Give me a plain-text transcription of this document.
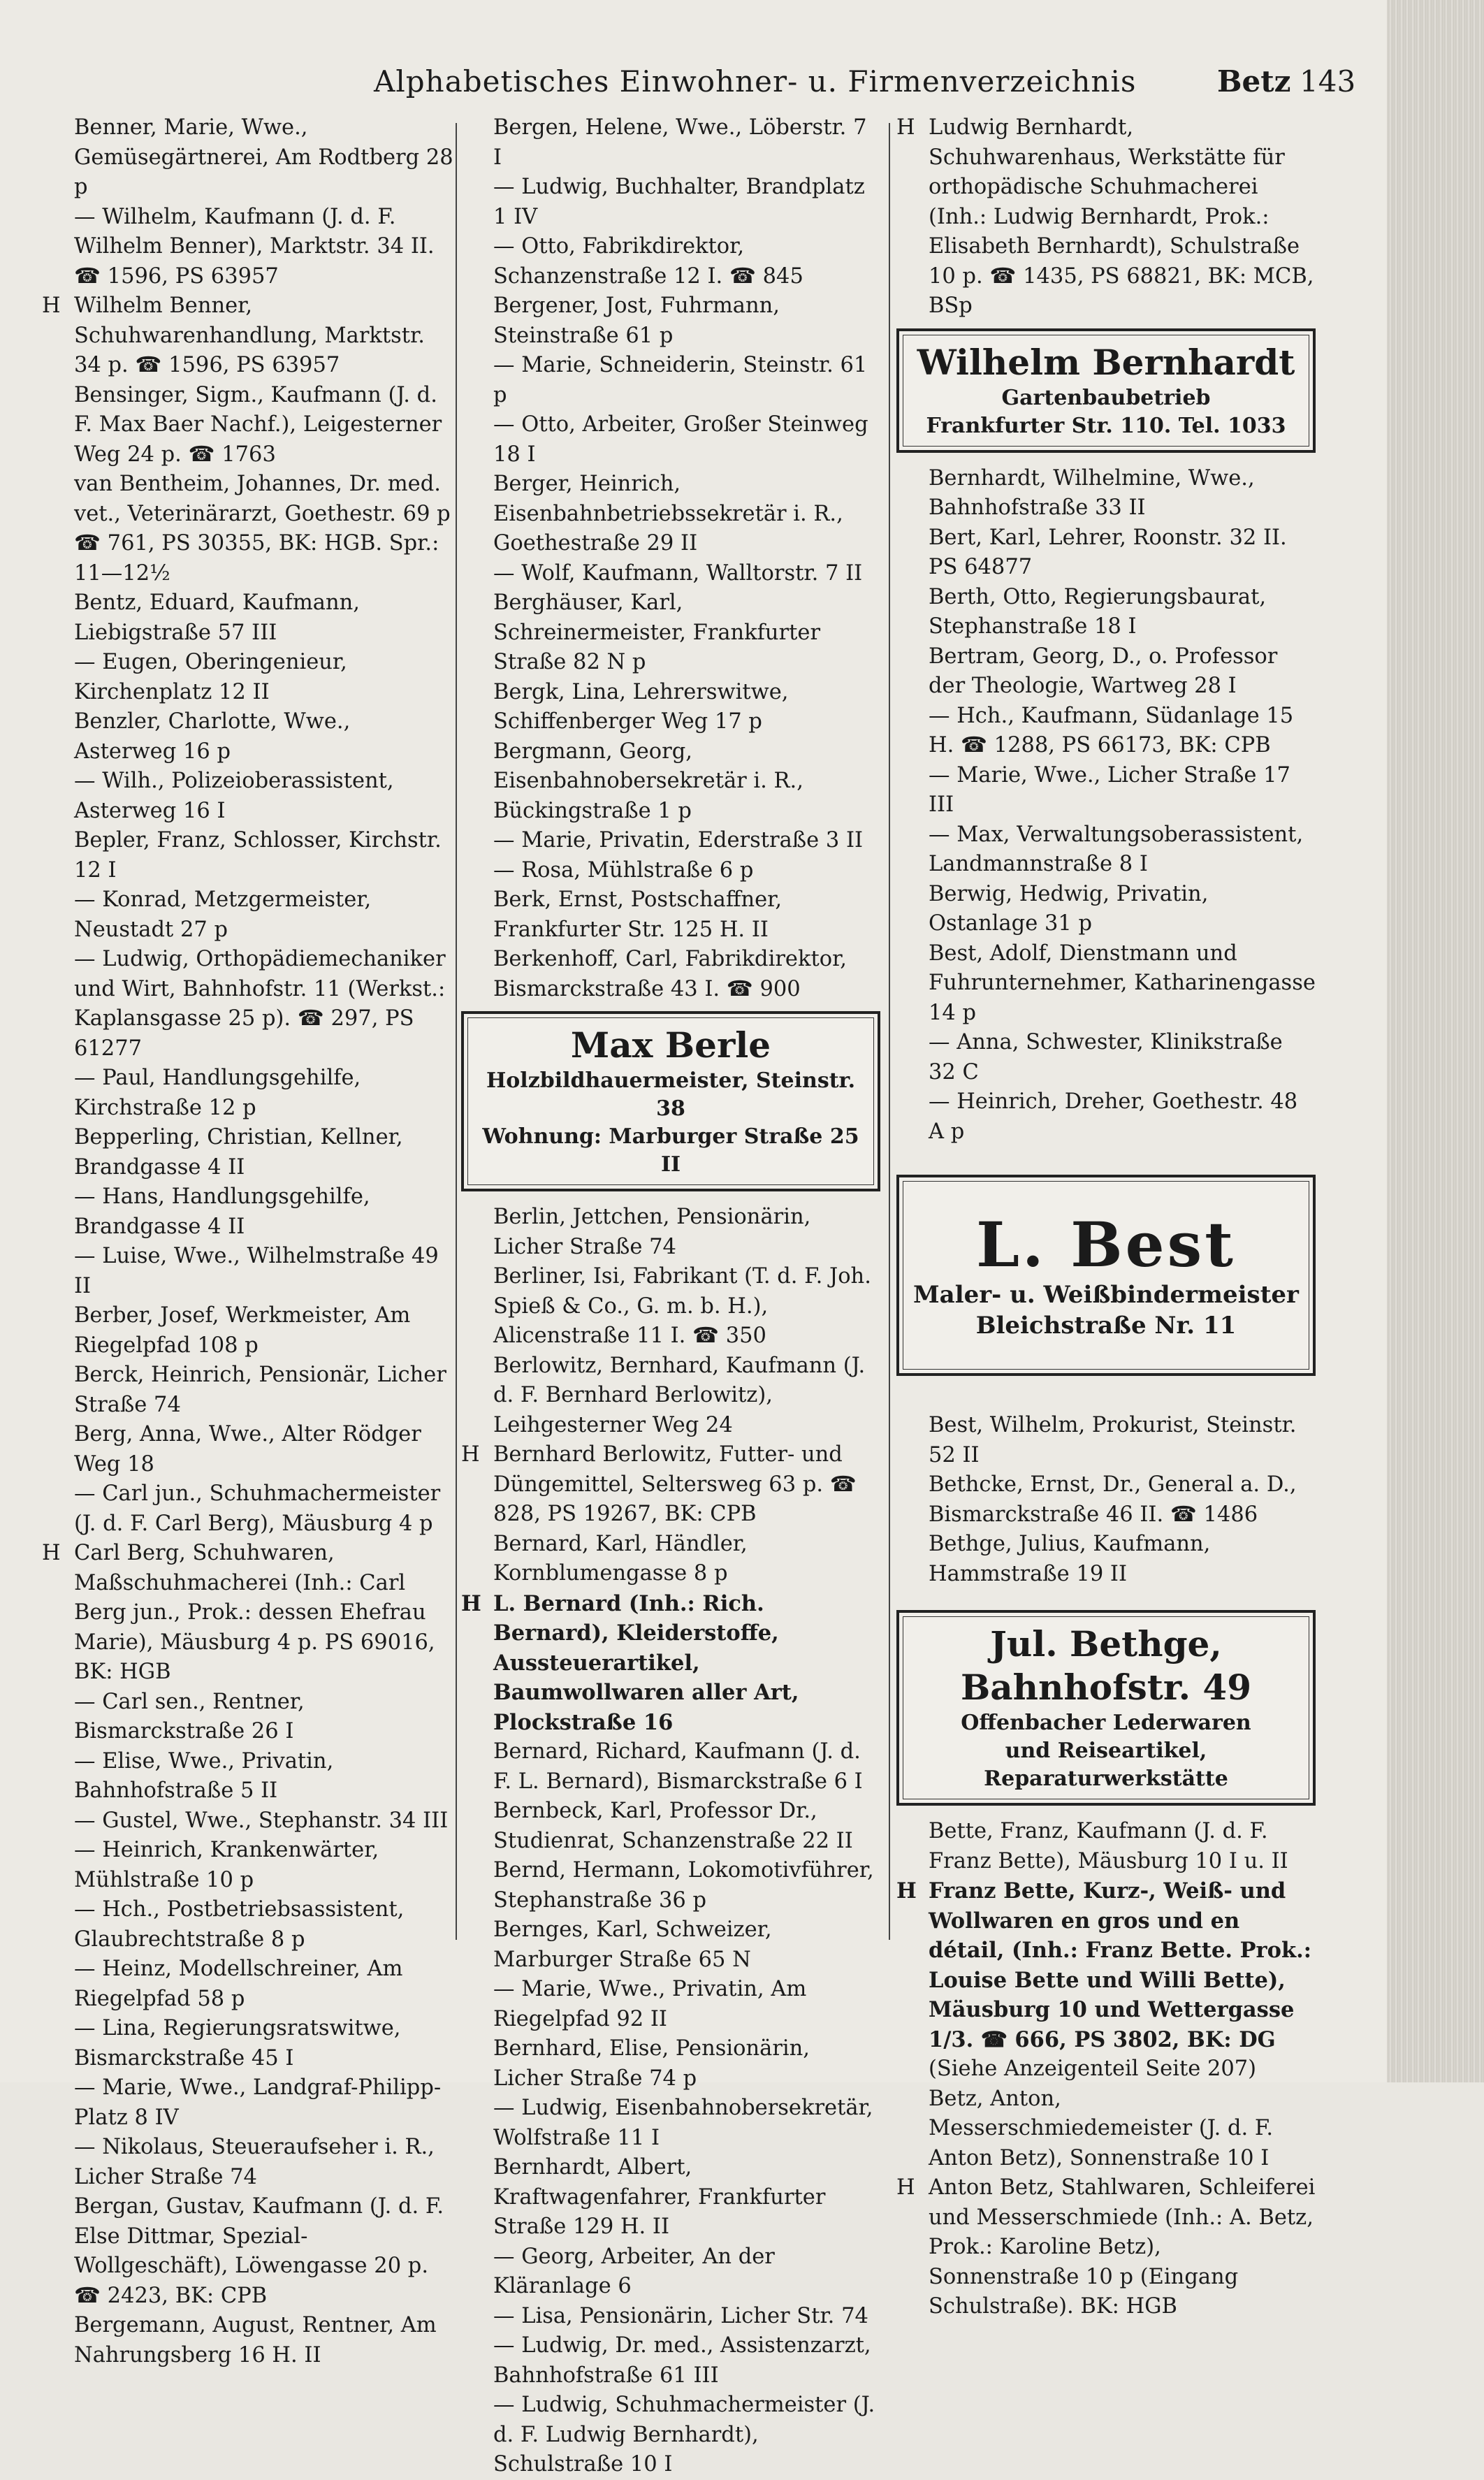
Alphabetisches Einwohner- u. Firmenverzeichnis	Betz 143
Benner, Marie, Wwe., Gemüsegärtnerei, Am Rodtberg 28 p
— Wilhelm, Kaufmann (J. d. F. Wilhelm Benner), Marktstr. 34 II. ☎ 1596, PS 63957
H Wilhelm Benner, Schuhwarenhandlung, Marktstr. 34 p. ☎ 1596, PS 63957
Bensinger, Sigm., Kaufmann (J. d. F. Max Baer Nachf.), Leigesterner Weg 24 p. ☎ 1763
van Bentheim, Johannes, Dr. med. vet., Veterinärarzt, Goethestr. 69 p ☎ 761, PS 30355, BK: HGB. Spr.: 11—12½
Bentz, Eduard, Kaufmann, Liebigstraße 57 III
— Eugen, Oberingenieur, Kirchenplatz 12 II
Benzler, Charlotte, Wwe., Asterweg 16 p
— Wilh., Polizeioberassistent, Asterweg 16 I
Bepler, Franz, Schlosser, Kirchstr. 12 I
— Konrad, Metzgermeister, Neustadt 27 p
— Ludwig, Orthopädiemechaniker und Wirt, Bahnhofstr. 11 (Werkst.: Kaplansgasse 25 p). ☎ 297, PS 61277
— Paul, Handlungsgehilfe, Kirchstraße 12 p
Bepperling, Christian, Kellner, Brandgasse 4 II
— Hans, Handlungsgehilfe, Brandgasse 4 II
— Luise, Wwe., Wilhelmstraße 49 II
Berber, Josef, Werkmeister, Am Riegelpfad 108 p
Berck, Heinrich, Pensionär, Licher Straße 74
Berg, Anna, Wwe., Alter Rödger Weg 18
— Carl jun., Schuhmachermeister (J. d. F. Carl Berg), Mäusburg 4 p
H Carl Berg, Schuhwaren, Maßschuhmacherei (Inh.: Carl Berg jun., Prok.: dessen Ehefrau Marie), Mäusburg 4 p. PS 69016, BK: HGB
— Carl sen., Rentner, Bismarckstraße 26 I
— Elise, Wwe., Privatin, Bahnhofstraße 5 II
— Gustel, Wwe., Stephanstr. 34 III
— Heinrich, Krankenwärter, Mühlstraße 10 p
— Hch., Postbetriebsassistent, Glaubrechtstraße 8 p
— Heinz, Modellschreiner, Am Riegelpfad 58 p
— Lina, Regierungsratswitwe, Bismarckstraße 45 I
— Marie, Wwe., Landgraf-Philipp-Platz 8 IV
— Nikolaus, Steueraufseher i. R., Licher Straße 74
Bergan, Gustav, Kaufmann (J. d. F. Else Dittmar, Spezial-Wollgeschäft), Löwengasse 20 p. ☎ 2423, BK: CPB
Bergemann, August, Rentner, Am Nahrungsberg 16 H. II
Bergen, Helene, Wwe., Löberstr. 7 I
— Ludwig, Buchhalter, Brandplatz 1 IV
— Otto, Fabrikdirektor, Schanzenstraße 12 I. ☎ 845
Bergener, Jost, Fuhrmann, Steinstraße 61 p
— Marie, Schneiderin, Steinstr. 61 p
— Otto, Arbeiter, Großer Steinweg 18 I
Berger, Heinrich, Eisenbahnbetriebssekretär i. R., Goethestraße 29 II
— Wolf, Kaufmann, Walltorstr. 7 II
Berghäuser, Karl, Schreinermeister, Frankfurter Straße 82 N p
Bergk, Lina, Lehrerswitwe, Schiffenberger Weg 17 p
Bergmann, Georg, Eisenbahnobersekretär i. R., Bückingstraße 1 p
— Marie, Privatin, Ederstraße 3 II
— Rosa, Mühlstraße 6 p
Berk, Ernst, Postschaffner, Frankfurter Str. 125 H. II
Berkenhoff, Carl, Fabrikdirektor, Bismarckstraße 43 I. ☎ 900
Max Berle
Holzbildhauermeister, Steinstr. 38
Wohnung: Marburger Straße 25 II
Berlin, Jettchen, Pensionärin, Licher Straße 74
Berliner, Isi, Fabrikant (T. d. F. Joh. Spieß & Co., G. m. b. H.), Alicenstraße 11 I. ☎ 350
Berlowitz, Bernhard, Kaufmann (J. d. F. Bernhard Berlowitz), Leihgesterner Weg 24
H Bernhard Berlowitz, Futter- und Düngemittel, Seltersweg 63 p. ☎ 828, PS 19267, BK: CPB
Bernard, Karl, Händler, Kornblumengasse 8 p
H L. Bernard (Inh.: Rich. Bernard), Kleiderstoffe, Aussteuerartikel, Baumwollwaren aller Art, Plockstraße 16
Bernard, Richard, Kaufmann (J. d. F. L. Bernard), Bismarckstraße 6 I
Bernbeck, Karl, Professor Dr., Studienrat, Schanzenstraße 22 II
Bernd, Hermann, Lokomotivführer, Stephanstraße 36 p
Bernges, Karl, Schweizer, Marburger Straße 65 N
— Marie, Wwe., Privatin, Am Riegelpfad 92 II
Bernhard, Elise, Pensionärin, Licher Straße 74 p
— Ludwig, Eisenbahnobersekretär, Wolfstraße 11 I
Bernhardt, Albert, Kraftwagenfahrer, Frankfurter Straße 129 H. II
— Georg, Arbeiter, An der Kläranlage 6
— Lisa, Pensionärin, Licher Str. 74
— Ludwig, Dr. med., Assistenzarzt, Bahnhofstraße 61 III
— Ludwig, Schuhmachermeister (J. d. F. Ludwig Bernhardt), Schulstraße 10 I
H Ludwig Bernhardt, Schuhwarenhaus, Werkstätte für orthopädische Schuhmacherei (Inh.: Ludwig Bernhardt, Prok.: Elisabeth Bernhardt), Schulstraße 10 p. ☎ 1435, PS 68821, BK: MCB, BSp
Wilhelm Bernhardt
Gartenbaubetrieb
Frankfurter Str. 110. Tel. 1033
Bernhardt, Wilhelmine, Wwe., Bahnhofstraße 33 II
Bert, Karl, Lehrer, Roonstr. 32 II. PS 64877
Berth, Otto, Regierungsbaurat, Stephanstraße 18 I
Bertram, Georg, D., o. Professor der Theologie, Wartweg 28 I
— Hch., Kaufmann, Südanlage 15 H. ☎ 1288, PS 66173, BK: CPB
— Marie, Wwe., Licher Straße 17 III
— Max, Verwaltungsoberassistent, Landmannstraße 8 I
Berwig, Hedwig, Privatin, Ostanlage 31 p
Best, Adolf, Dienstmann und Fuhrunternehmer, Katharinengasse 14 p
— Anna, Schwester, Klinikstraße 32 C
— Heinrich, Dreher, Goethestr. 48 A p
L. Best
Maler- u. Weißbindermeister
Bleichstraße Nr. 11
Best, Wilhelm, Prokurist, Steinstr. 52 II
Bethcke, Ernst, Dr., General a. D., Bismarckstraße 46 II. ☎ 1486
Bethge, Julius, Kaufmann, Hammstraße 19 II
Jul. Bethge, Bahnhofstr. 49
Offenbacher Lederwaren
und Reiseartikel, Reparaturwerkstätte
Bette, Franz, Kaufmann (J. d. F. Franz Bette), Mäusburg 10 I u. II
H Franz Bette, Kurz-, Weiß- und Wollwaren en gros und en détail, (Inh.: Franz Bette. Prok.: Louise Bette und Willi Bette), Mäusburg 10 und Wettergasse 1/3. ☎ 666, PS 3802, BK: DG
(Siehe Anzeigenteil Seite 207)
Betz, Anton, Messerschmiedemeister (J. d. F. Anton Betz), Sonnenstraße 10 I
H Anton Betz, Stahlwaren, Schleiferei und Messerschmiede (Inh.: A. Betz, Prok.: Karoline Betz), Sonnenstraße 10 p (Eingang Schulstraße). BK: HGB
